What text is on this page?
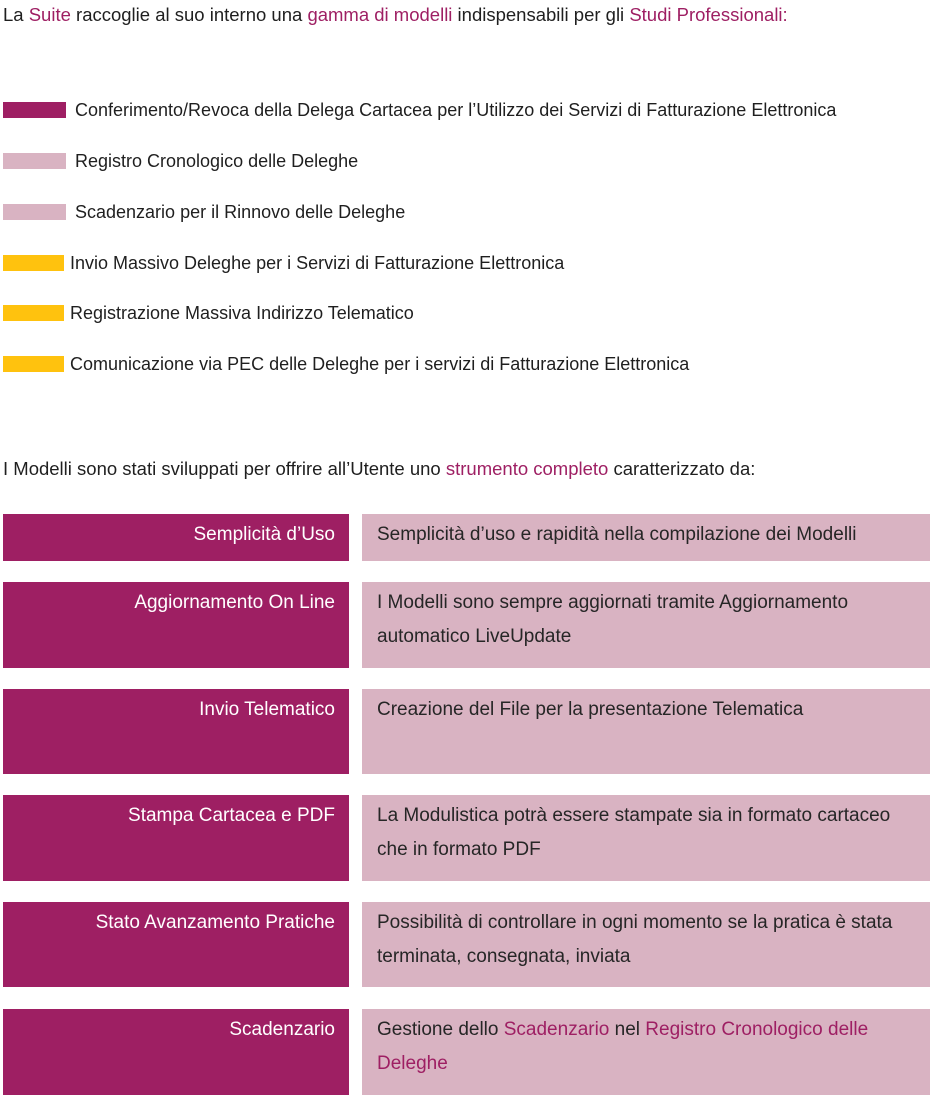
La Suite raccoglie al suo interno una gamma di modelli indispensabili per gli Studi Professionali:
Conferimento/Revoca della Delega Cartacea per l’Utilizzo dei Servizi di Fatturazione Elettronica
Registro Cronologico delle Deleghe
Scadenzario per il Rinnovo delle Deleghe
Invio Massivo Deleghe per i Servizi di Fatturazione Elettronica
Registrazione Massiva Indirizzo Telematico
Comunicazione via PEC delle Deleghe per i servizi di Fatturazione Elettronica
I Modelli sono stati sviluppati per offrire all’Utente uno strumento completo caratterizzato da:
Semplicità d’Uso	Semplicità d’uso e rapidità nella compilazione dei Modelli
Aggiornamento On Line	I Modelli sono sempre aggiornati tramite Aggiornamento automatico LiveUpdate
Invio Telematico	Creazione del File per la presentazione Telematica
Stampa Cartacea e PDF	La Modulistica potrà essere stampate sia in formato cartaceo che in formato PDF
Stato Avanzamento Pratiche	Possibilità di controllare in ogni momento se la pratica è stata terminata, consegnata, inviata
Scadenzario	Gestione dello Scadenzario nel Registro Cronologico delle Deleghe
